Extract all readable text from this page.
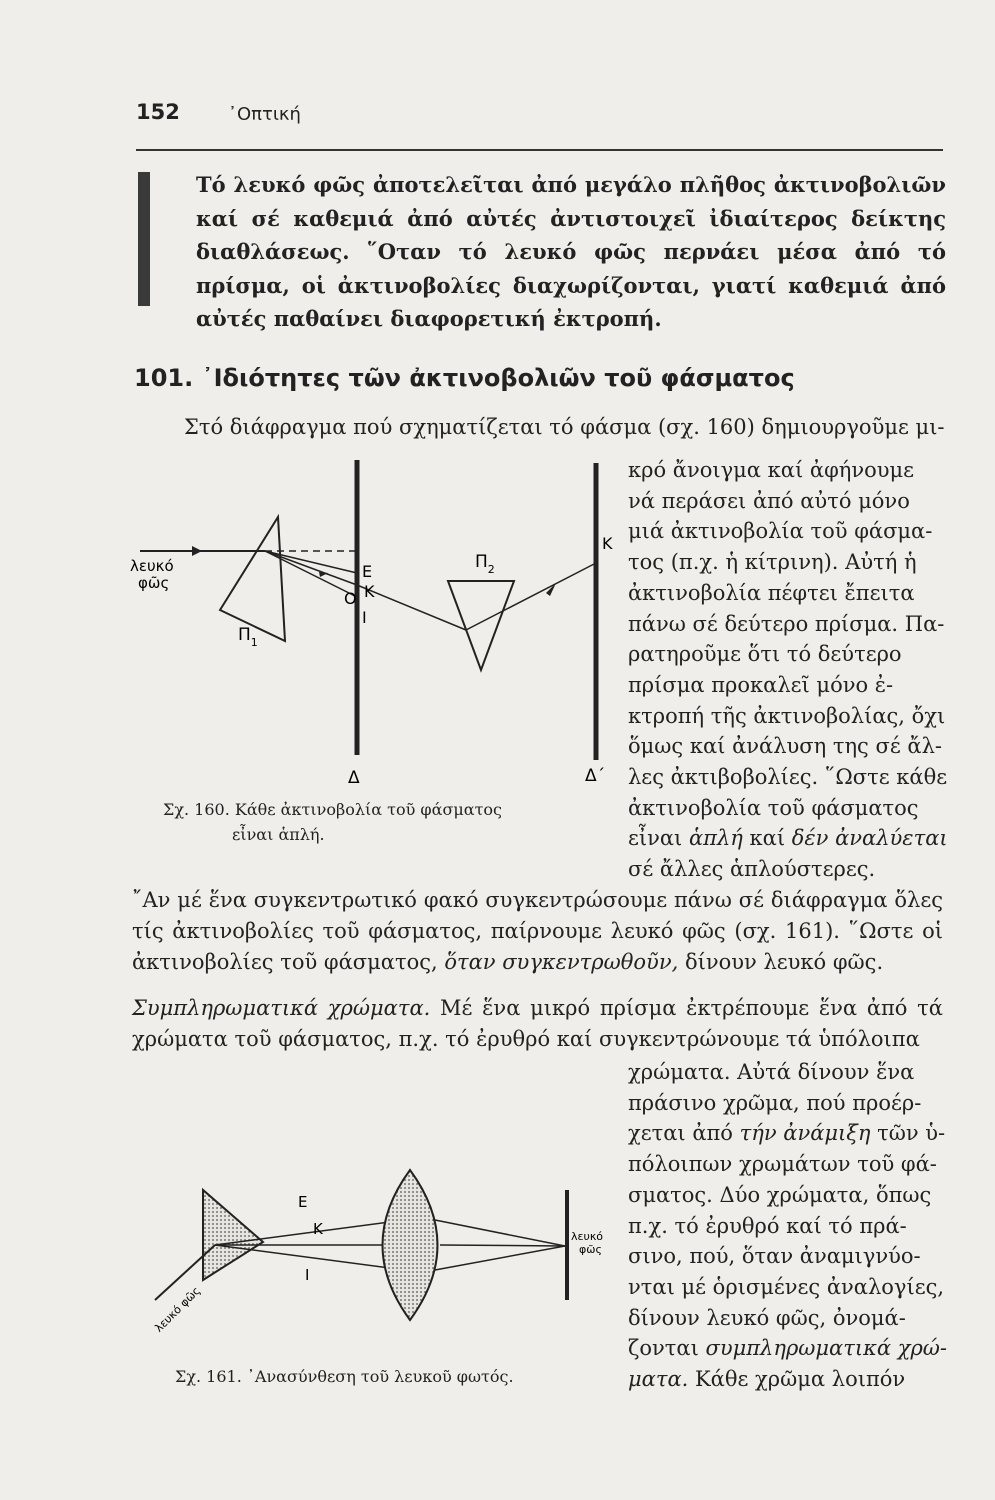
152	᾿Οπτική
Τό λευκό φῶς ἀποτελεῖται ἀπό μεγάλο πλῆθος ἀκτινοβολιῶν καί σέ καθεμιά ἀπό αὐτές ἀντιστοιχεῖ ἰδιαίτερος δείκτης διαθλάσεως. ῞Οταν τό λευκό φῶς περνάει μέσα ἀπό τό πρίσμα, οἱ ἀκτινοβολίες διαχωρίζονται, γιατί καθεμιά ἀπό αὐτές παθαίνει διαφορετική ἐκτροπή.
101. ᾿Ιδιότητες τῶν ἀκτινοβολιῶν τοῦ φάσματος
Στό διάφραγμα πού σχηματίζεται τό φάσμα (σχ. 160) δημιουργοῦμε μι-
κρό ἄνοιγμα καί ἀφήνουμε
νά περάσει ἀπό αὐτό μόνο
μιά ἀκτινοβολία τοῦ φάσμα-
τος (π.χ. ἡ κίτρινη). Αὐτή ἡ
ἀκτινοβολία πέφτει ἔπειτα
πάνω σέ δεύτερο πρίσμα. Πα-
ρατηροῦμε ὅτι τό δεύτερο
πρίσμα προκαλεῖ μόνο ἐ-
κτροπή τῆς ἀκτινοβολίας, ὄχι
ὅμως καί ἀνάλυση της σέ ἄλ-
λες ἀκτιβοβολίες. ῞Ωστε κάθε
ἀκτινοβολία τοῦ φάσματος
εἶναι ἁπλή καί δέν ἀναλύεται
σέ ἄλλες ἁπλούστερες.
λευκό
φῶς
$\Pi_1$
$\Pi_2$
Ε
Κ
O
Ι
Κ
Δ	Δ΄
Σχ. 160. Κάθε ἀκτινοβολία τοῦ φάσματος
εἶναι ἁπλή.
῎Αν μέ ἕνα συγκεντρωτικό φακό συγκεντρώσουμε πάνω σέ διάφραγμα ὅλες τίς ἀκτινοβολίες τοῦ φάσματος, παίρνουμε λευκό φῶς (σχ. 161). ῞Ωστε οἱ ἀκτινοβολίες τοῦ φάσματος, ὅταν συγκεντρωθοῦν, δίνουν λευκό φῶς.
Συμπληρωματικά χρώματα. Μέ ἕνα μικρό πρίσμα ἐκτρέπουμε ἕνα ἀπό τά χρώματα τοῦ φάσματος, π.χ. τό ἐρυθρό καί συγκεντρώνουμε τά ὑπόλοιπα
χρώματα. Αὐτά δίνουν ἕνα
πράσινο χρῶμα, πού προέρ-
χεται ἀπό τήν ἀνάμιξη τῶν ὑ-
πόλοιπων χρωμάτων τοῦ φά-
σματος. Δύο χρώματα, ὅπως
π.χ. τό ἐρυθρό καί τό πρά-
σινο, πού, ὅταν ἀναμιγνύο-
νται μέ ὁρισμένες ἀναλογίες,
δίνουν λευκό φῶς, ὀνομά-
ζονται συμπληρωματικά χρώ-
ματα. Κάθε χρῶμα λοιπόν
Ε
Κ
Ι
λευκό
φῶς
λευκό φῶς
Σχ. 161. ᾿Ανασύνθεση τοῦ λευκοῦ φωτός.
